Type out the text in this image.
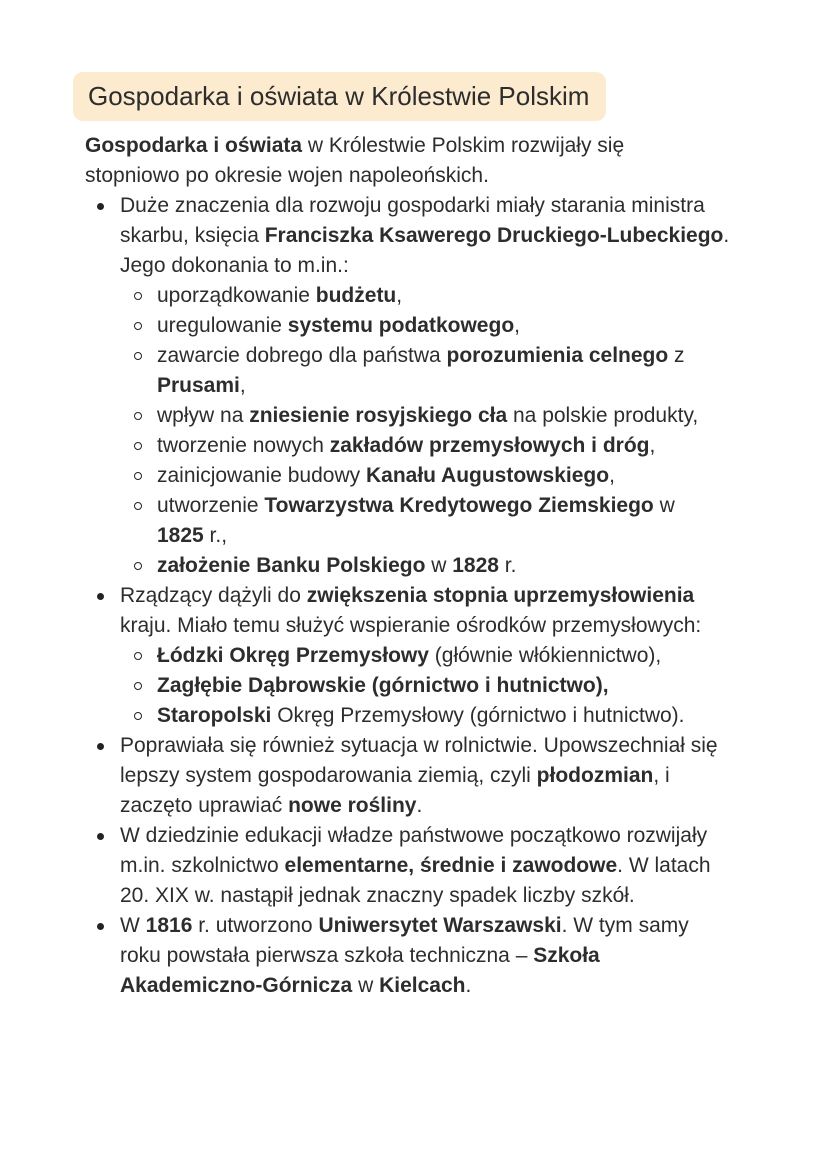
Gospodarka i oświata w Królestwie Polskim
Gospodarka i oświata w Królestwie Polskim rozwijały się
stopniowo po okresie wojen napoleońskich.
Duże znaczenia dla rozwoju gospodarki miały starania ministra
skarbu, księcia Franciszka Ksawerego Druckiego-Lubeckiego.
Jego dokonania to m.in.:
uporządkowanie budżetu,
uregulowanie systemu podatkowego,
zawarcie dobrego dla państwa porozumienia celnego z
Prusami,
wpływ na zniesienie rosyjskiego cła na polskie produkty,
tworzenie nowych zakładów przemysłowych i dróg,
zainicjowanie budowy Kanału Augustowskiego,
utworzenie Towarzystwa Kredytowego Ziemskiego w
1825 r.,
założenie Banku Polskiego w 1828 r.
Rządzący dążyli do zwiększenia stopnia uprzemysłowienia
kraju. Miało temu służyć wspieranie ośrodków przemysłowych:
Łódzki Okręg Przemysłowy (głównie włókiennictwo),
Zagłębie Dąbrowskie (górnictwo i hutnictwo),
Staropolski Okręg Przemysłowy (górnictwo i hutnictwo).
Poprawiała się również sytuacja w rolnictwie. Upowszechniał się
lepszy system gospodarowania ziemią, czyli płodozmian, i
zaczęto uprawiać nowe rośliny.
W dziedzinie edukacji władze państwowe początkowo rozwijały
m.in. szkolnictwo elementarne, średnie i zawodowe. W latach
20. XIX w. nastąpił jednak znaczny spadek liczby szkół.
W 1816 r. utworzono Uniwersytet Warszawski. W tym samy
roku powstała pierwsza szkoła techniczna – Szkoła
Akademiczno-Górnicza w Kielcach.
